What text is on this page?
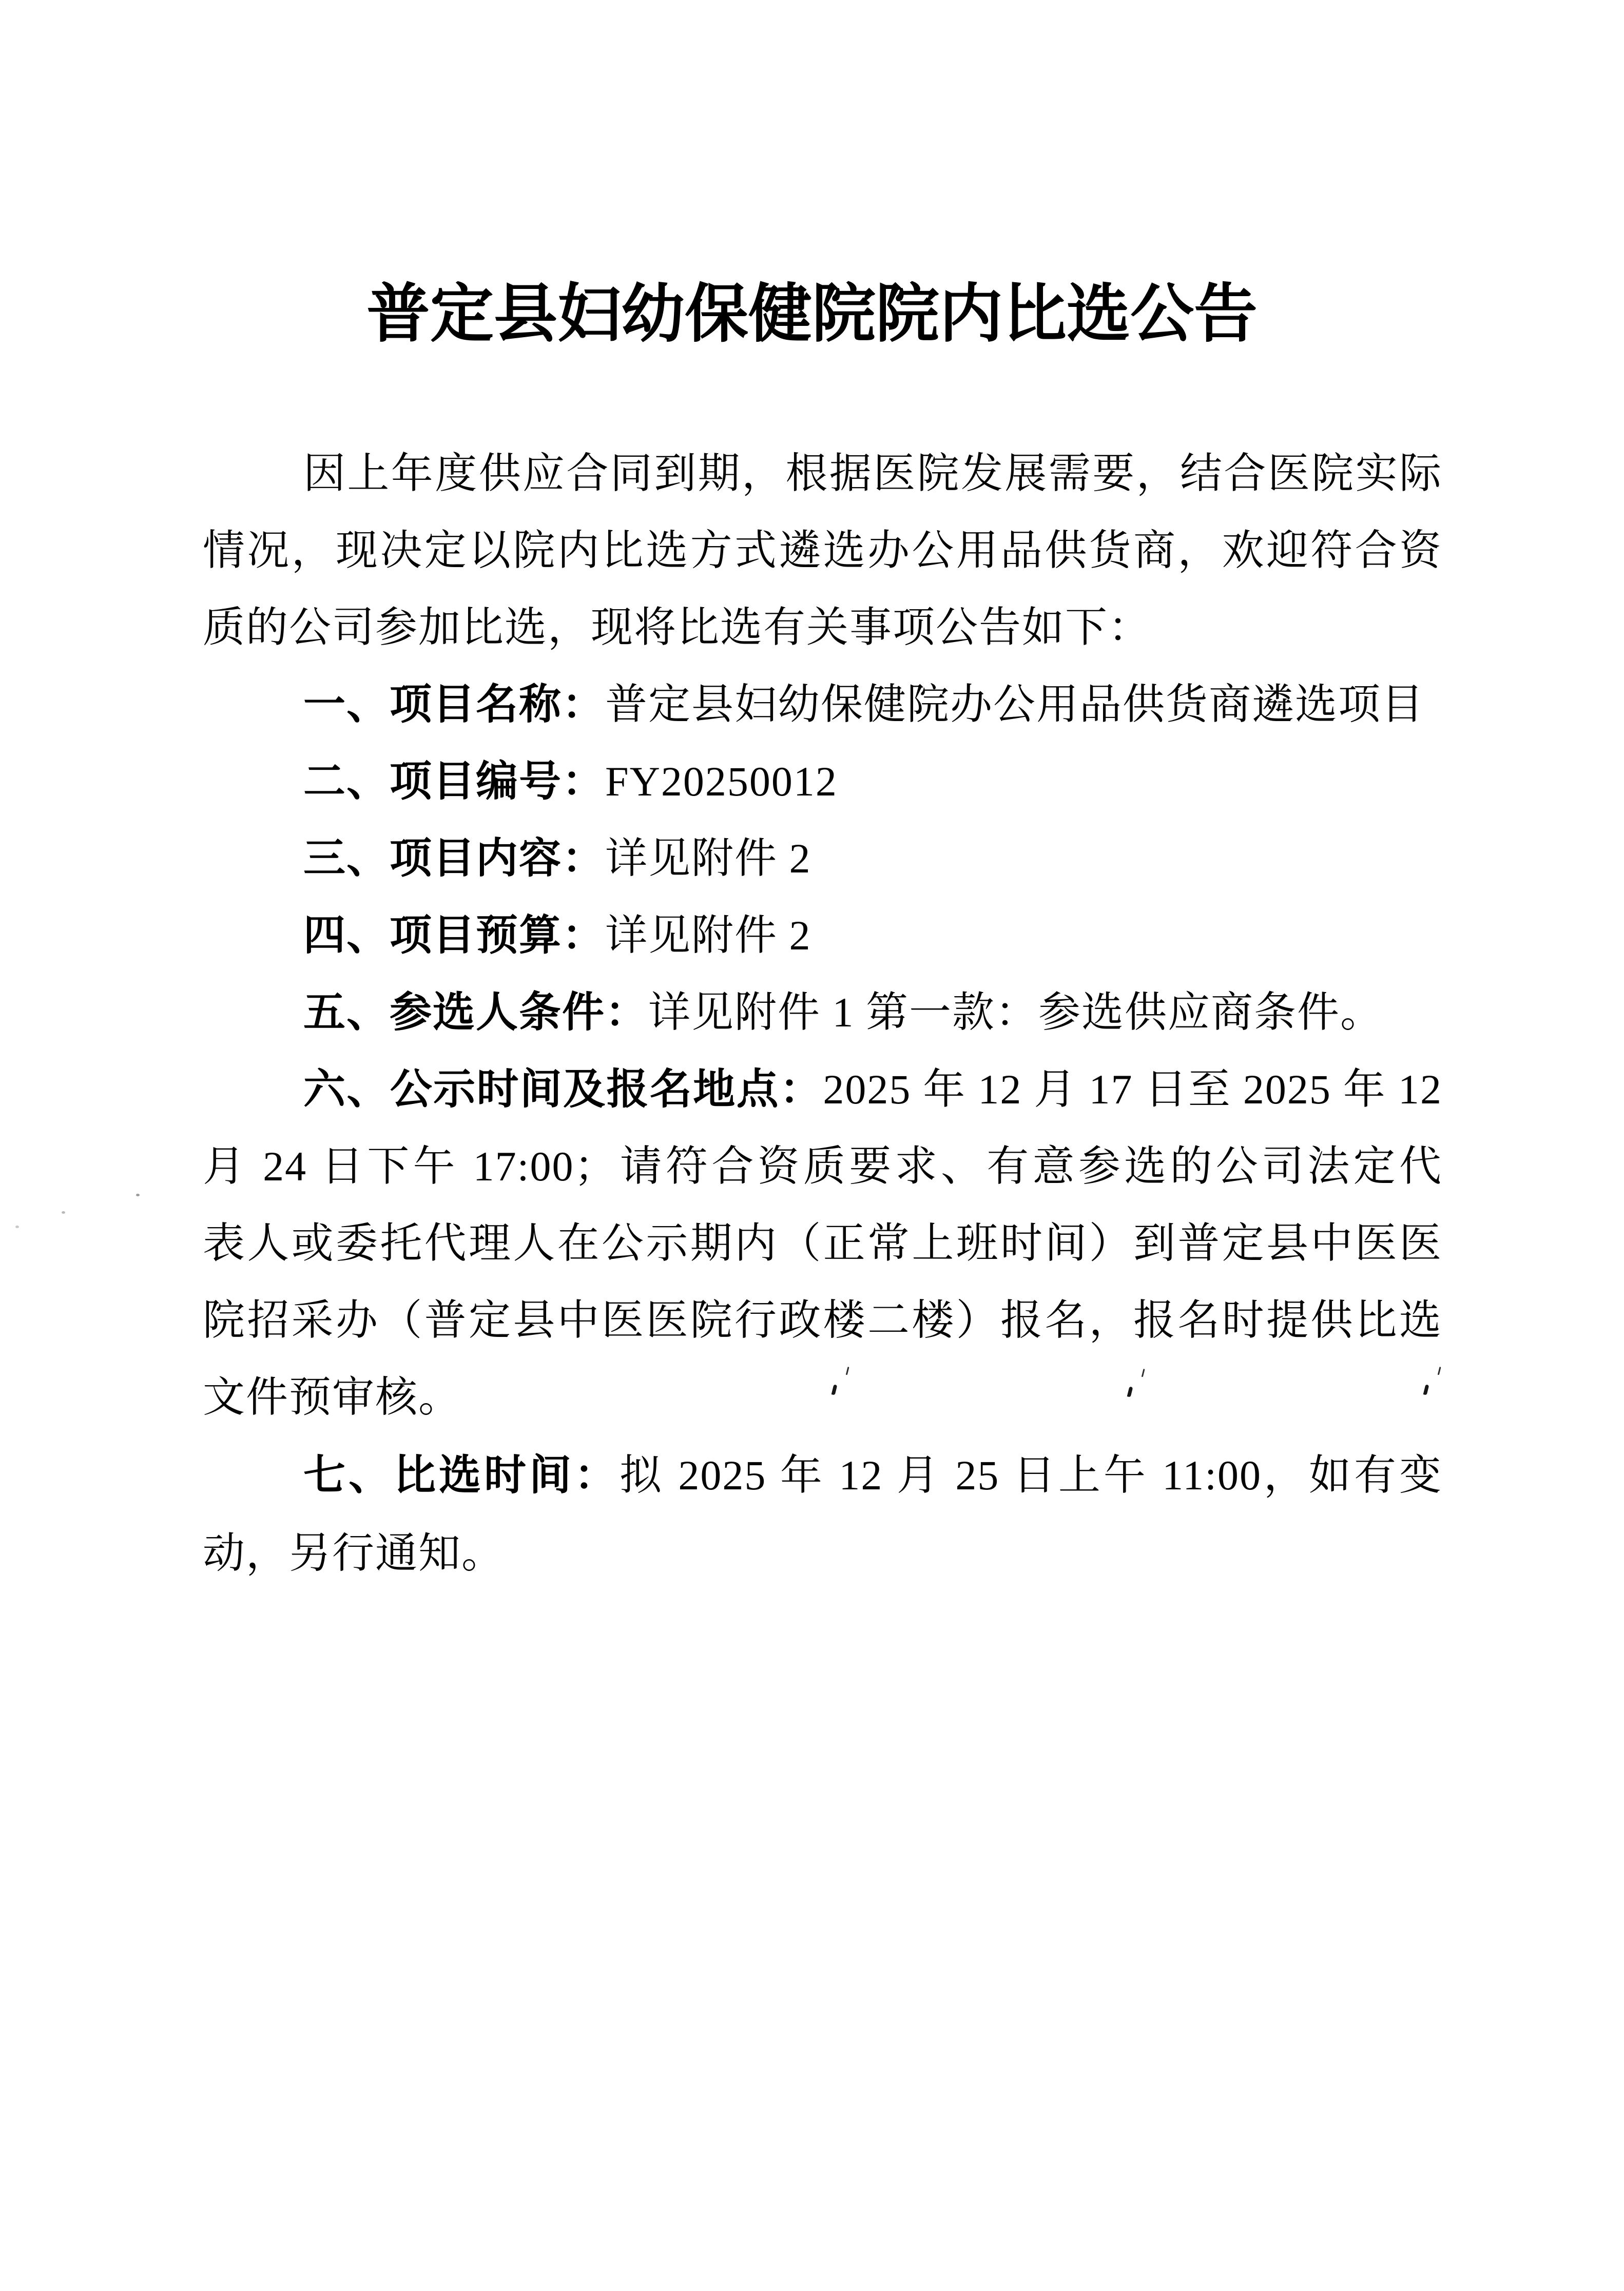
普定县妇幼保健院院内比选公告
因上年度供应合同到期，根据医院发展需要，结合医院实际
情况，现决定以院内比选方式遴选办公用品供货商，欢迎符合资
质的公司参加比选，现将比选有关事项公告如下：
一、项目名称：普定县妇幼保健院办公用品供货商遴选项目
二、项目编号：FY20250012
三、项目内容：详见附件 2
四、项目预算：详见附件 2
五、参选人条件：详见附件 1 第一款：参选供应商条件。
六、公示时间及报名地点：2025 年 12 月 17 日至 2025 年 12
月 24 日下午 17:00；请符合资质要求、有意参选的公司法定代
表人或委托代理人在公示期内（正常上班时间）到普定县中医医
院招采办（普定县中医医院行政楼二楼）报名，报名时提供比选
文件预审核。
七、比选时间：拟 2025 年 12 月 25 日上午 11:00，如有变
动，另行通知。
